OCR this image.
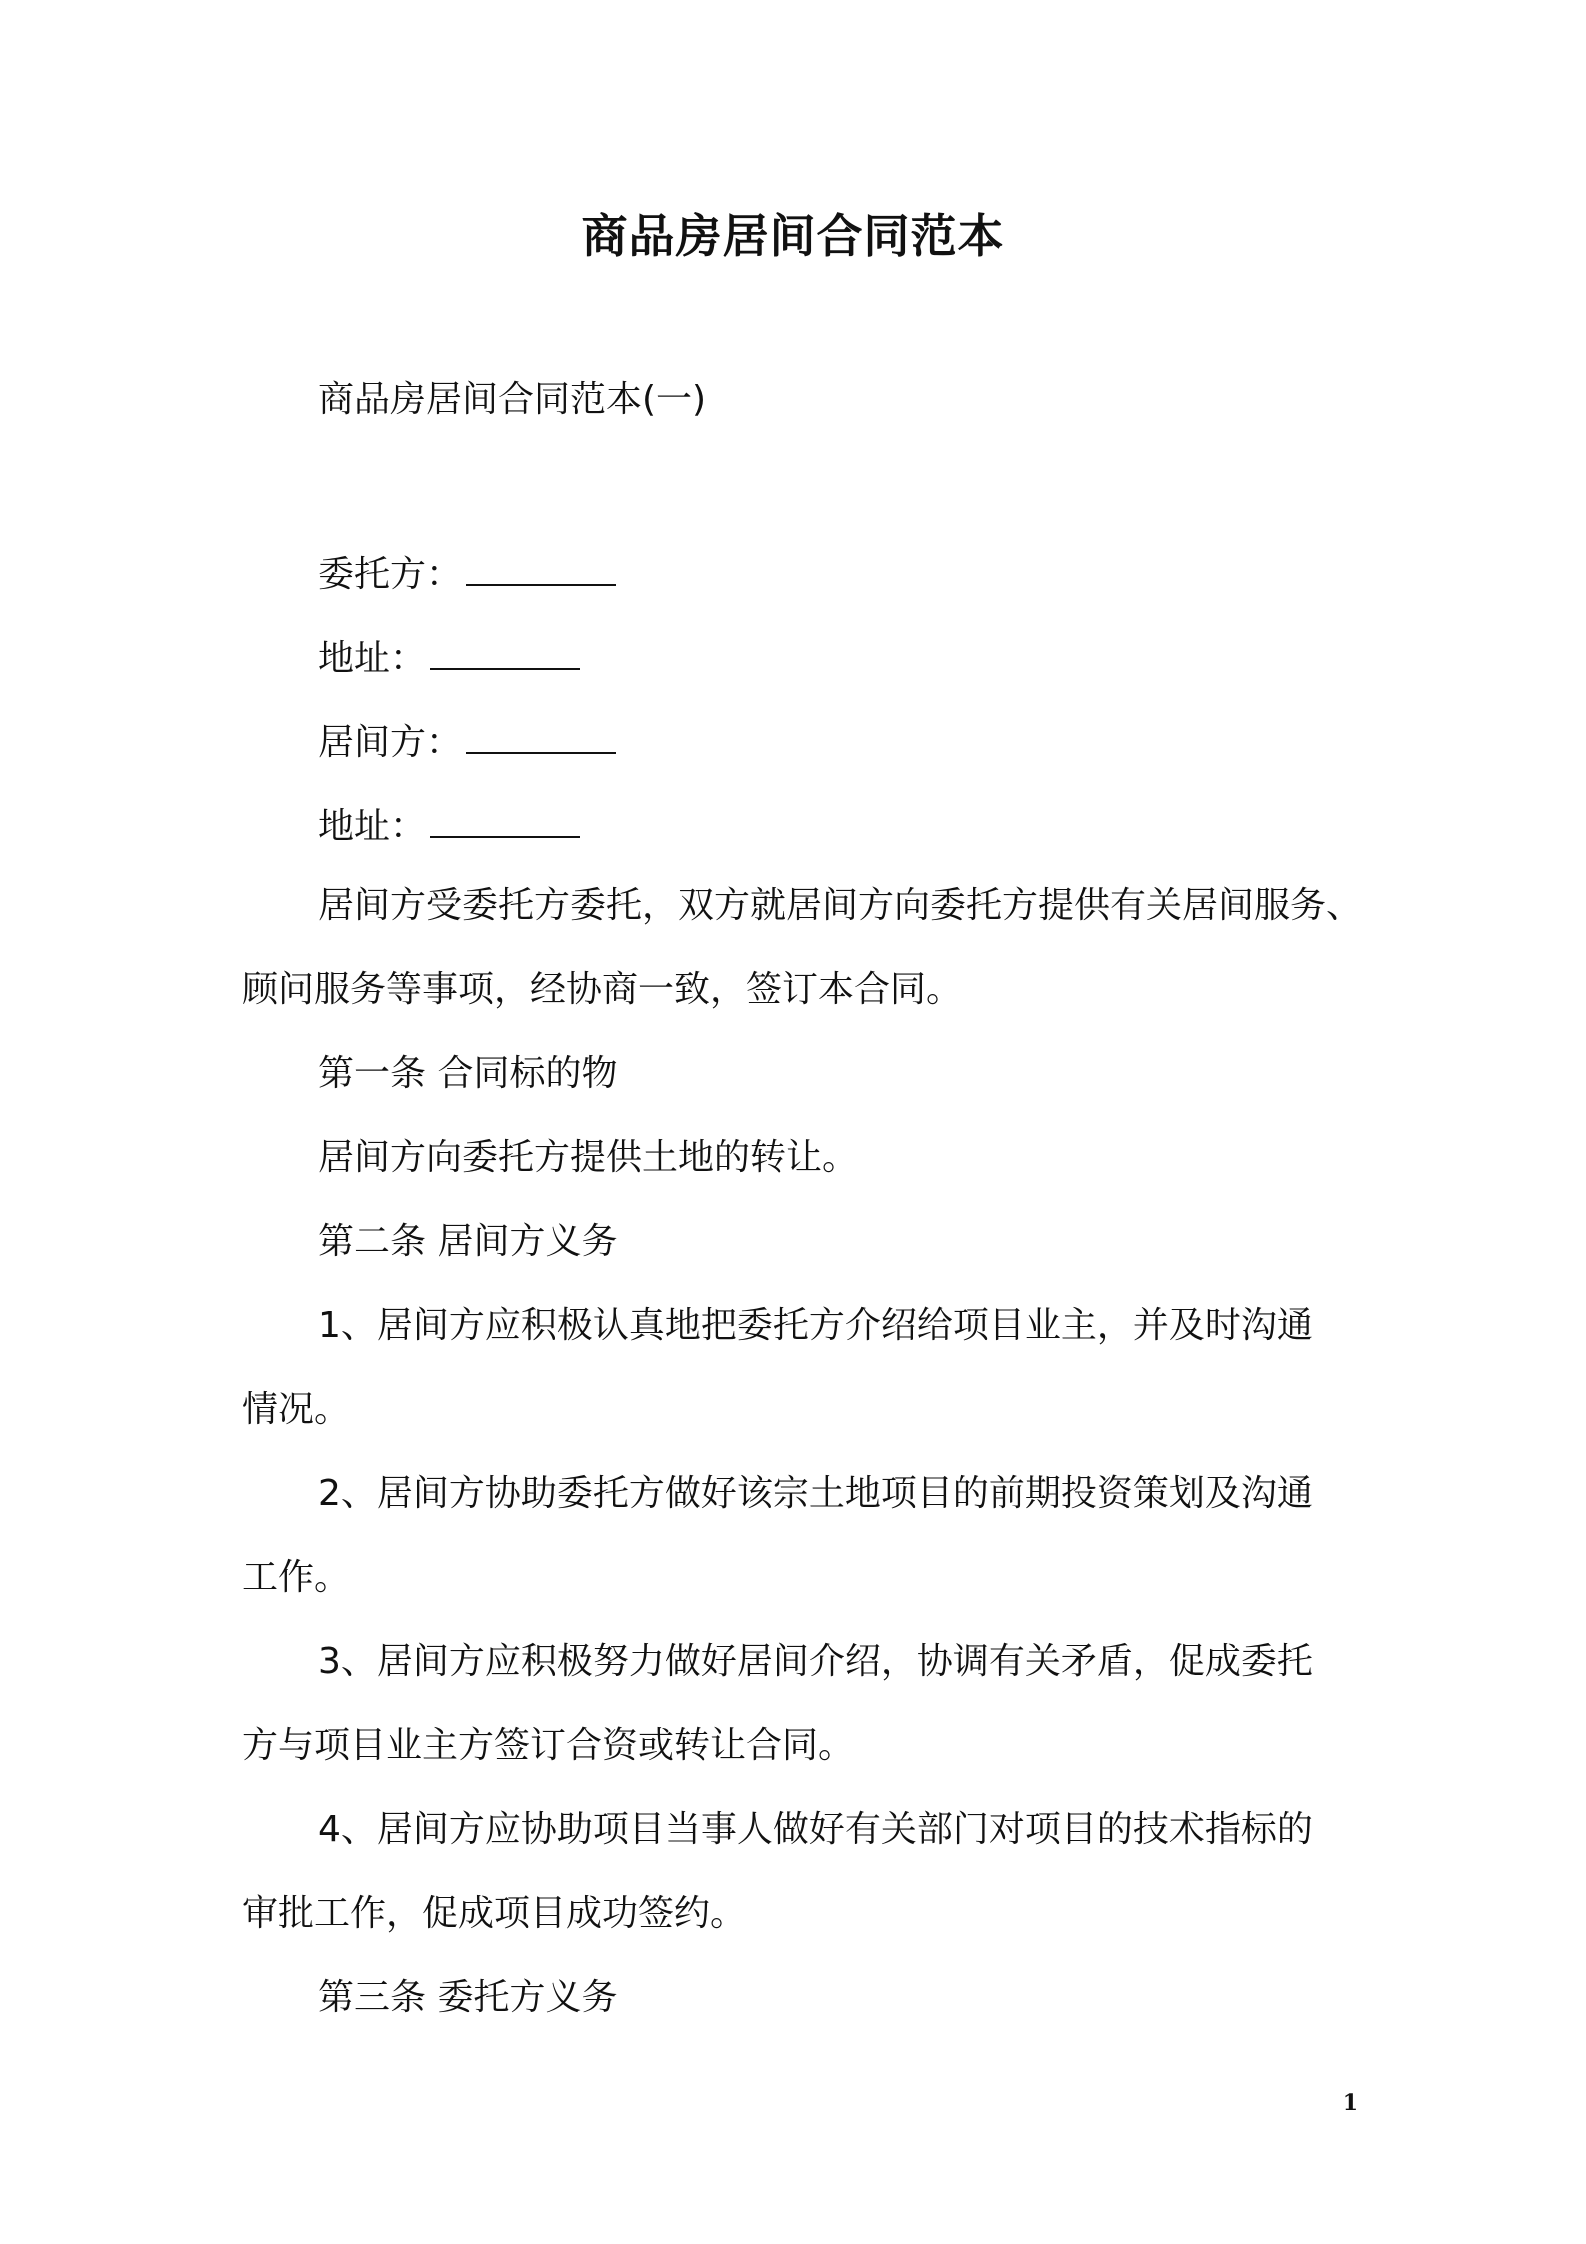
商品房居间合同范本
商品房居间合同范本(一)
委托方：
地址：
居间方：
地址：
居间方受委托方委托，双方就居间方向委托方提供有关居间服务、
顾问服务等事项，经协商一致，签订本合同。
第一条 合同标的物
居间方向委托方提供土地的转让。
第二条 居间方义务
1、居间方应积极认真地把委托方介绍给项目业主，并及时沟通
情况。
2、居间方协助委托方做好该宗土地项目的前期投资策划及沟通
工作。
3、居间方应积极努力做好居间介绍，协调有关矛盾，促成委托
方与项目业主方签订合资或转让合同。
4、居间方应协助项目当事人做好有关部门对项目的技术指标的
审批工作，促成项目成功签约。
第三条 委托方义务
1
